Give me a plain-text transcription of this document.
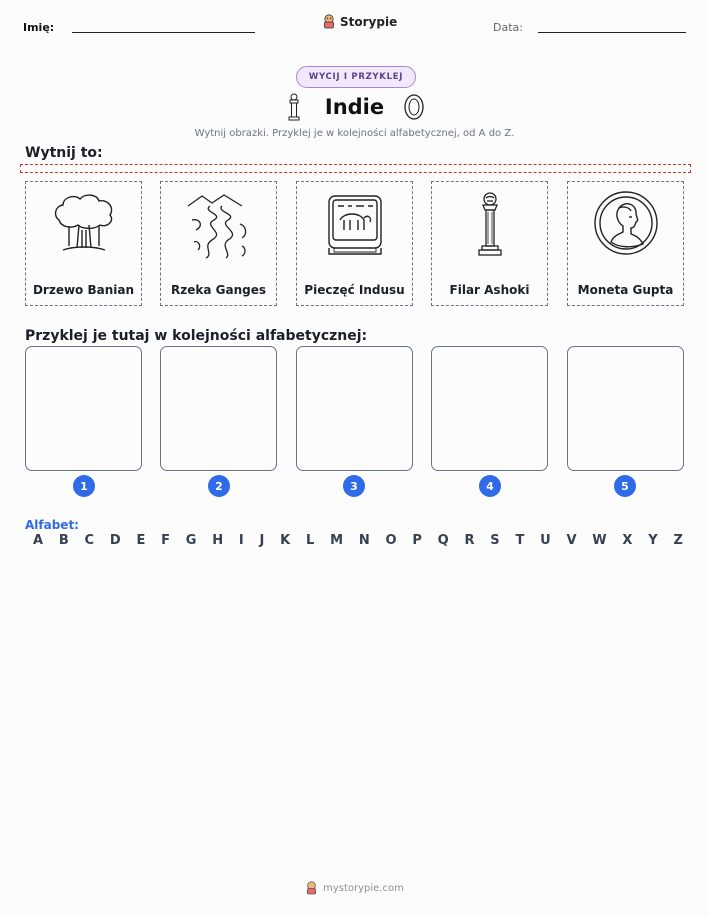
Imię:	Storypie	Data:
WYCIJ I PRZYKLEJ
Indie
Wytnij obrazki. Przyklej je w kolejności alfabetycznej, od A do Z.
Wytnij to:
Drzewo Banian	Rzeka Ganges	Pieczęć Indusu	Filar Ashoki	Moneta Gupta
Przyklej je tutaj w kolejności alfabetycznej:
1	2	3	4	5
Alfabet:
A B C D E F G H I J K L M N O P Q R S T U V W X Y Z
mystorypie.com
